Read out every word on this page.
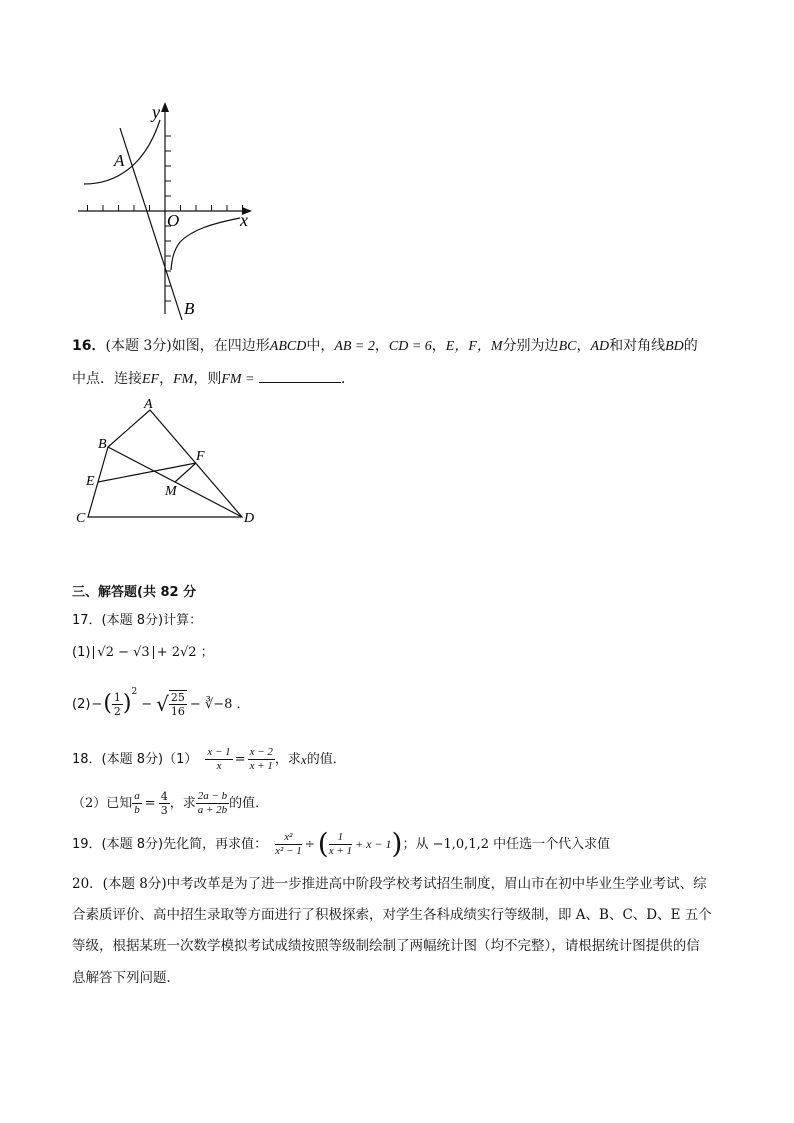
y
x
O
A
B
16．(本题 3分)如图，在四边形ABCD中，AB = 2，CD = 6，E，F，M分别为边BC，AD和对角线BD的
中点．连接EF，FM，则FM =	．
A
B
C	D
E
F
M
三、解答题(共 82 分
17．(本题 8分)计算：
(1) √2 − √3 + 2√2 ；
(2) − ( $\frac{1}{2}$ ) 2
− √ $\frac{25}{16}$ − ∛−8 ．
18．(本题 8分)$(1) \frac{x - 1}{x} = \frac{x - 2}{x + 1}$ ，求 x 的值．
（2）已知 $\frac{a}{b} = \frac{4}{3}$ ，求 $\frac{2a - b}{a + 2b}$ 的值．
19．(本题 8分)先化简，再求值： $\frac{\text{x²}}{\text{x² − 1}}$ ÷ ( $\frac{1}{x + 1} + x - 1$ ) ；从 −1,0,1,2 中任选一个代入求值
20．(本题 8分)中考改革是为了进一步推进高中阶段学校考试招生制度，眉山市在初中毕业生学业考试、综
合素质评价、高中招生录取等方面进行了积极探索，对学生各科成绩实行等级制，即 A、B、C、D、E 五个
等级，根据某班一次数学模拟考试成绩按照等级制绘制了两幅统计图（均不完整），请根据统计图提供的信
息解答下列问题．
